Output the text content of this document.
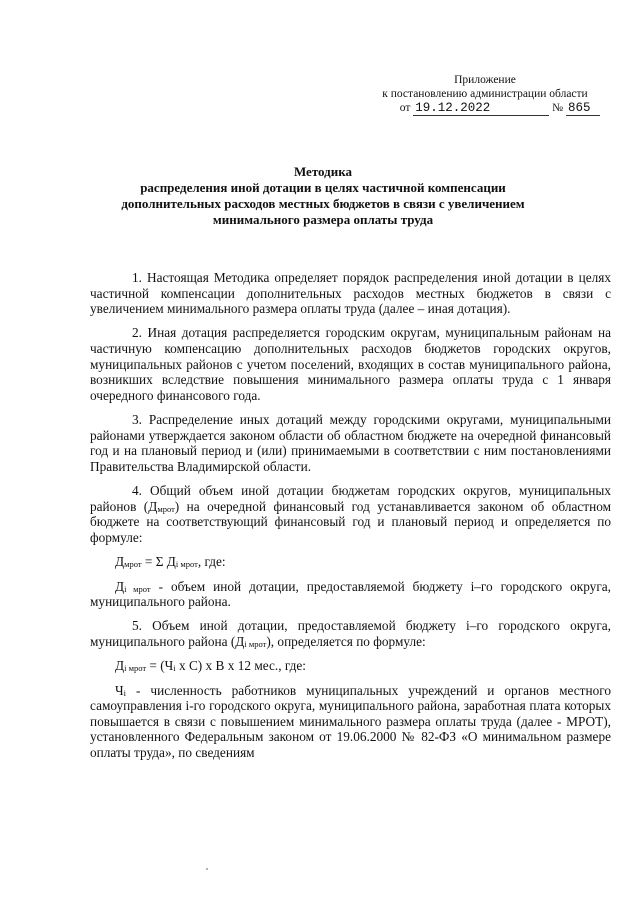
Приложение
к постановлению администрации области
от 19.12.2022	№ 865
Методика
распределения иной дотации в целях частичной компенсации
дополнительных расходов местных бюджетов в связи с увеличением
минимального размера оплаты труда

1. Настоящая Методика определяет порядок распределения иной дотации в целях частичной компенсации дополнительных расходов местных бюджетов в связи с увеличением минимального размера оплаты труда (далее – иная дотация).

2. Иная дотация распределяется городским округам, муниципальным районам на частичную компенсацию дополнительных расходов бюджетов городских округов, муниципальных районов с учетом поселений, входящих в состав муниципального района, возникших вследствие повышения минимального размера оплаты труда с 1 января очередного финансового года.

3. Распределение иных дотаций между городскими округами, муниципальными районами утверждается законом области об областном бюджете на очередной финансовый год и на плановый период и (или) принимаемыми в соответствии с ним постановлениями Правительства Владимирской области.

4. Общий объем иной дотации бюджетам городских округов, муниципальных районов $(Д_{мрот})$ на очередной финансовый год устанавливается законом об областном бюджете на соответствующий финансовый год и плановый период и определяется по формуле:

$Д_{мрот} = \Sigma$ $Д_{i мрот}$, где:

$Д_{i мрот}$ - объем иной дотации, предоставляемой бюджету i–го городского округа, муниципального района.

5. Объем иной дотации, предоставляемой бюджету i–го городского округа, муниципального района $(Д_{i мрот})$, определяется по формуле:

$Д_{i мрот} = (Ч_i$ х С) х В х 12 мес., где:

$Ч_i$ - численность работников муниципальных учреждений и органов местного самоуправления i-го городского округа, муниципального района, заработная плата которых повышается в связи с повышением минимального размера оплаты труда (далее - МРОТ), установленного Федеральным законом от 19.06.2000 № 82-ФЗ «О минимальном размере оплаты труда», по сведениям
